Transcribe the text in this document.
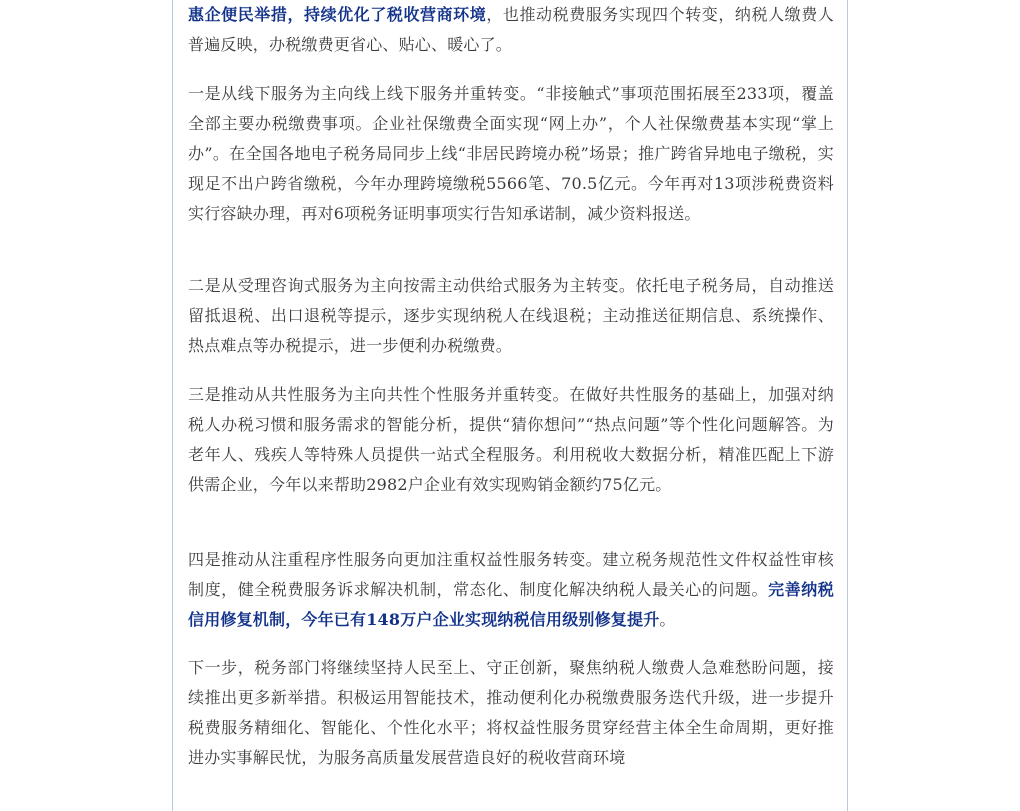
惠企便民举措，持续优化了税收营商环境，也推动税费服务实现四个转变，纳税人缴费人普遍反映，办税缴费更省心、贴心、暖心了。

一是从线下服务为主向线上线下服务并重转变。“非接触式”事项范围拓展至233项，覆盖全部主要办税缴费事项。企业社保缴费全面实现“网上办”，个人社保缴费基本实现“掌上办”。在全国各地电子税务局同步上线“非居民跨境办税”场景；推广跨省异地电子缴税，实现足不出户跨省缴税，今年办理跨境缴税5566笔、70.5亿元。今年再对13项涉税费资料实行容缺办理，再对6项税务证明事项实行告知承诺制，减少资料报送。

二是从受理咨询式服务为主向按需主动供给式服务为主转变。依托电子税务局，自动推送留抵退税、出口退税等提示，逐步实现纳税人在线退税；主动推送征期信息、系统操作、热点难点等办税提示，进一步便利办税缴费。

三是推动从共性服务为主向共性个性服务并重转变。在做好共性服务的基础上，加强对纳税人办税习惯和服务需求的智能分析，提供“猜你想问”“热点问题”等个性化问题解答。为老年人、残疾人等特殊人员提供一站式全程服务。利用税收大数据分析，精准匹配上下游供需企业，今年以来帮助2982户企业有效实现购销金额约75亿元。

四是推动从注重程序性服务向更加注重权益性服务转变。建立税务规范性文件权益性审核制度，健全税费服务诉求解决机制，常态化、制度化解决纳税人最关心的问题。完善纳税信用修复机制，今年已有148万户企业实现纳税信用级别修复提升。

下一步，税务部门将继续坚持人民至上、守正创新，聚焦纳税人缴费人急难愁盼问题，接续推出更多新举措。积极运用智能技术，推动便利化办税缴费服务迭代升级，进一步提升税费服务精细化、智能化、个性化水平；将权益性服务贯穿经营主体全生命周期，更好推进办实事解民忧，为服务高质量发展营造良好的税收营商环境
